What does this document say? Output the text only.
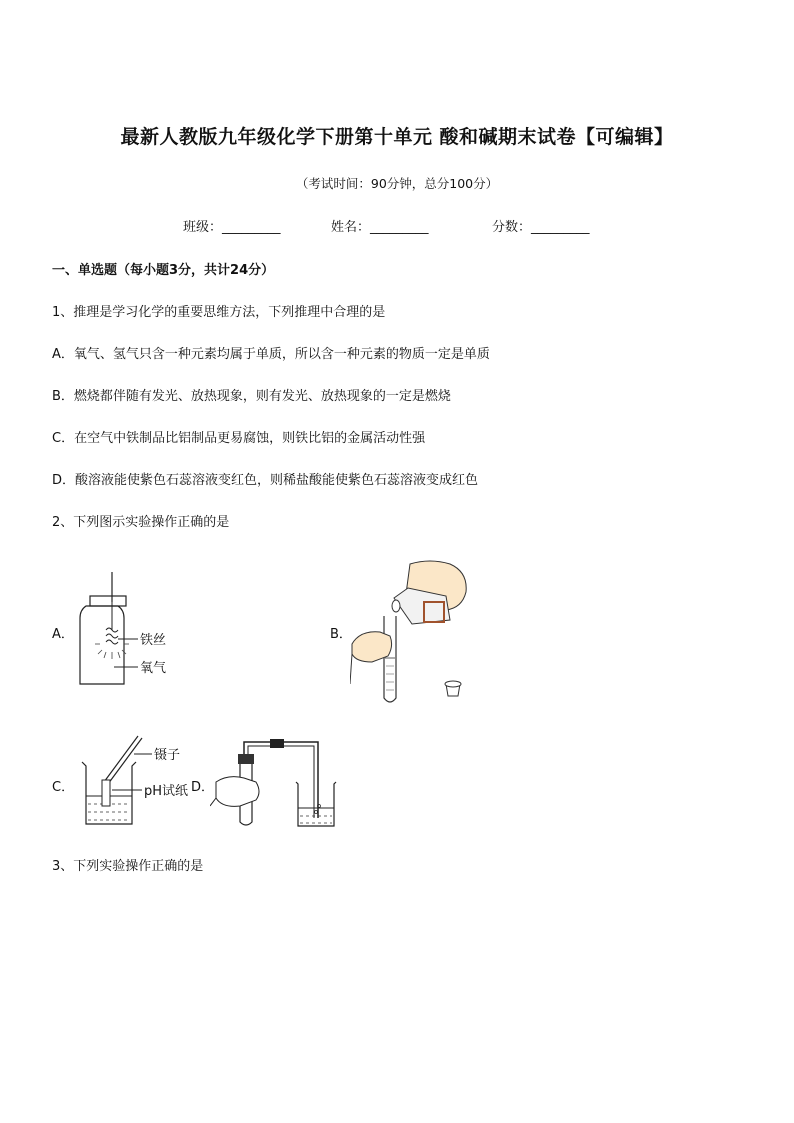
最新人教版九年级化学下册第十单元 酸和碱期末试卷【可编辑】
（考试时间：90分钟，总分100分）
班级：_________	姓名：_________	分数：_________
一、单选题（每小题3分，共计24分）
1、推理是学习化学的重要思维方法，下列推理中合理的是
A．氧气、氢气只含一种元素均属于单质，所以含一种元素的物质一定是单质
B．燃烧都伴随有发光、放热现象，则有发光、放热现象的一定是燃烧
C．在空气中铁制品比铝制品更易腐蚀，则铁比铝的金属活动性强
D．酸溶液能使紫色石蕊溶液变红色，则稀盐酸能使紫色石蕊溶液变成红色
2、下列图示实验操作正确的是
A．	铁丝
氧气
B．
C．
镊子
pH试纸 D．
3、下列实验操作正确的是
